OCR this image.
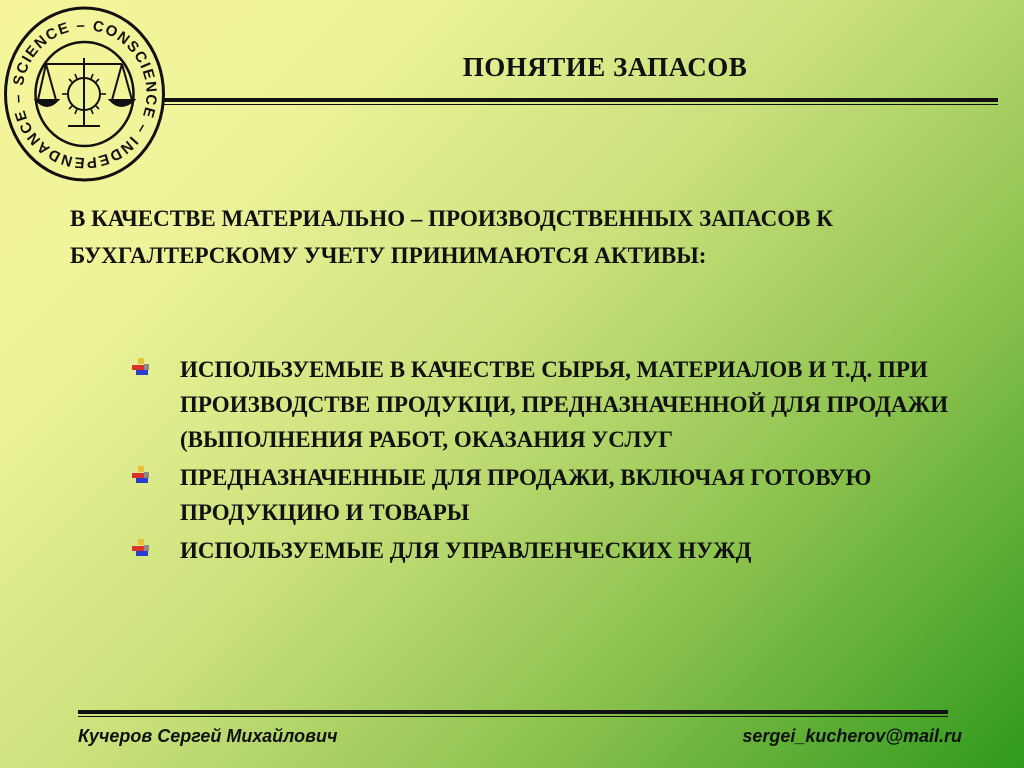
SCIENCE – CONSCIENCE – INDEPENDANCE –
ПОНЯТИЕ ЗАПАСОВ
В КАЧЕСТВЕ МАТЕРИАЛЬНО – ПРОИЗВОДСТВЕННЫХ ЗАПАСОВ К БУХГАЛТЕРСКОМУ УЧЕТУ ПРИНИМАЮТСЯ АКТИВЫ:
ИСПОЛЬЗУЕМЫЕ В КАЧЕСТВЕ СЫРЬЯ, МАТЕРИАЛОВ И Т.Д. ПРИ ПРОИЗВОДСТВЕ ПРОДУКЦИ, ПРЕДНАЗНАЧЕННОЙ ДЛЯ ПРОДАЖИ (ВЫПОЛНЕНИЯ РАБОТ, ОКАЗАНИЯ УСЛУГ
ПРЕДНАЗНАЧЕННЫЕ ДЛЯ ПРОДАЖИ, ВКЛЮЧАЯ ГОТОВУЮ ПРОДУКЦИЮ И ТОВАРЫ
ИСПОЛЬЗУЕМЫЕ ДЛЯ УПРАВЛЕНЧЕСКИХ НУЖД
Кучеров Сергей Михайлович	sergei_kucherov@mail.ru
